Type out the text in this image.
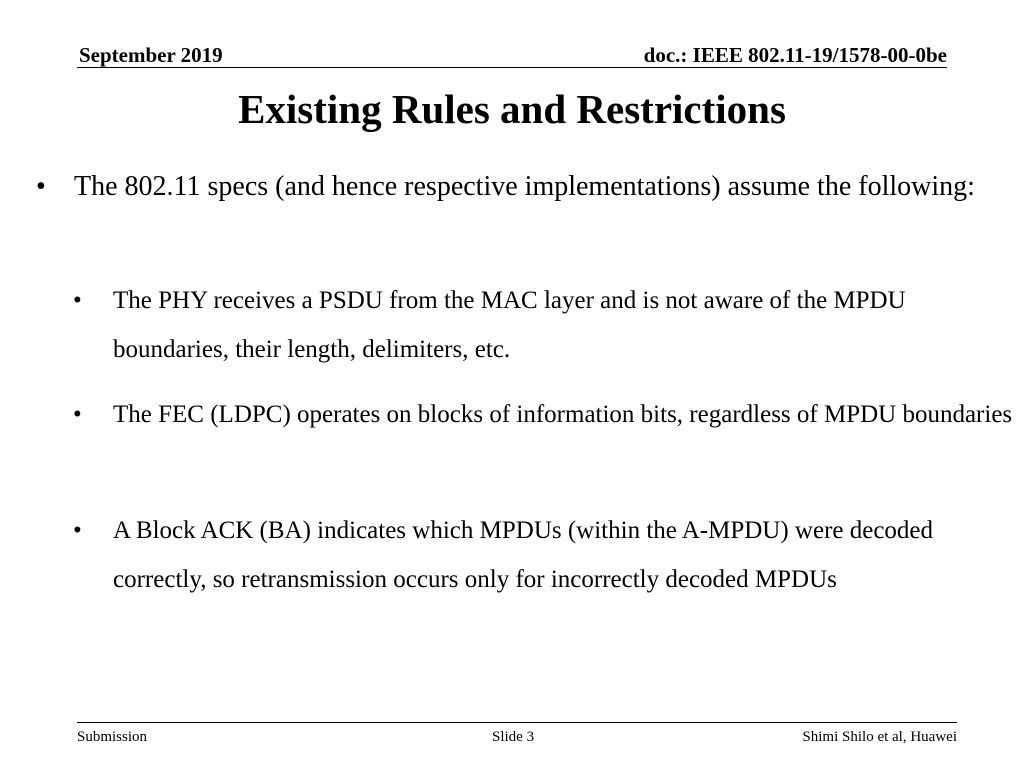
September 2019	doc.: IEEE 802.11-19/1578-00-0be
Existing Rules and Restrictions
• The 802.11 specs (and hence respective implementations) assume the following:
• The PHY receives a PSDU from the MAC layer and is not aware of the MPDU boundaries, their length, delimiters, etc.
• The FEC (LDPC) operates on blocks of information bits, regardless of MPDU boundaries
• A Block ACK (BA) indicates which MPDUs (within the A-MPDU) were decoded correctly, so retransmission occurs only for incorrectly decoded MPDUs
Submission	Slide 3	Shimi Shilo et al, Huawei
